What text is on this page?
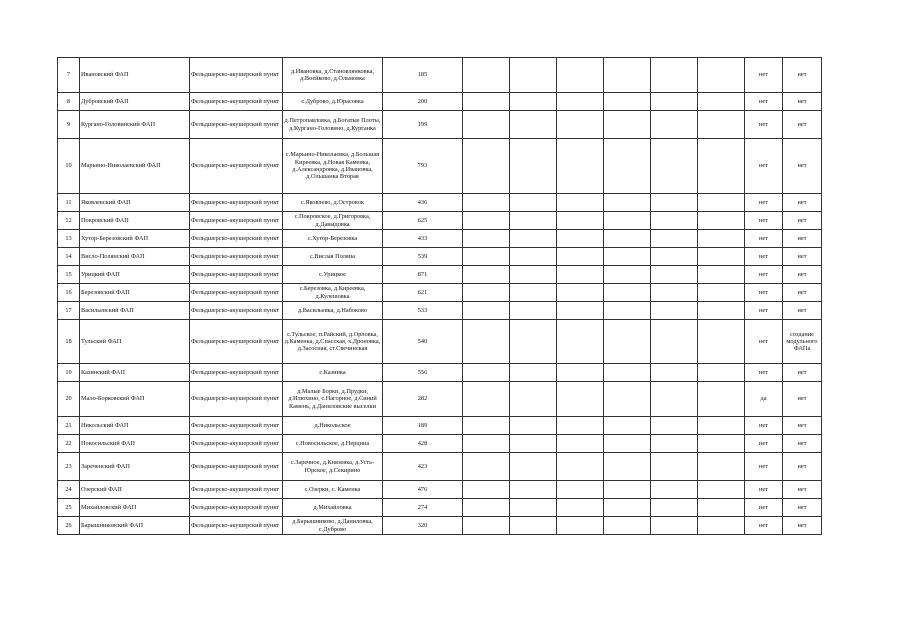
7	Ивановский ФАП	Фельдшерско-акушерский пункт	д.Ивановка, д.Становлянковка, д.Воейково, д.Ольмовка	185							нет	нет
8	Дубровский ФАП	Фельдшерско-акушерский пункт	с.Дуброво, д.Юрасовка	200							нет	нет
9	Кургано-Головинский ФАП	Фельдшерско-акушерский пункт	д.Петропавловка, д.Богатые Плоты, д.Кургано-Головино, д.Курганка	199							нет	нет
10	Марьино-Николаевский ФАП	Фельдшерско-акушерский пункт	с.Марьино-Николаевка, д.Большая Киреевка, д.Новая Каменка, д.Александровка, д.Ивановка, д.Ольшанка Вторая	793							нет	нет
11	Яковлевский ФАП	Фельдшерско-акушерский пункт	с.Яковлево, д.Островок	436							нет	нет
12	Покровский ФАП	Фельдшерско-акушерский пункт	с.Покровское, д.Григоровка, д.Давыдовка	625							нет	нет
13	Хутор-Березовский ФАП	Фельдшерско-акушерский пункт	с.Хутор-Березовка	433							нет	нет
14	Висло-Полянский ФАП	Фельдшерско-акушерский пункт	с.Вислая Поляна	539							нет	нет
15	Урицкий ФАП	Фельдшерско-акушерский пункт	с.Урицкое	871							нет	нет
16	Березовский ФАП	Фельдшерско-акушерский пункт	с.Березовка, д.Киреевка, д.Кулешовка	621							нет	нет
17	Васильевский ФАП	Фельдшерско-акушерский пункт	д.Васильевка, д.Набоково	533							нет	нет
18	Тульский ФАП	Фельдшерско-акушерский пункт	с.Тульское, п.Райский, д.Орловка, д.Каменка, д.Спасская, х.Дроновка, д.Засосная, ст.Свечинская	540							нет	создание модульного ФАПа
19	Казинский ФАП	Фельдшерско-акушерский пункт	с.Казинка	556							нет	нет
20	Мало-Борковский ФАП	Фельдшерско-акушерский пункт	д.Малые Борки, д.Прудки, д.Илюхино, с.Нагорное, д.Синий Камень, д.Даниловские выселки	282							да	нет
21	Никольский ФАП	Фельдшерско-акушерский пункт	д.Никольское	189							нет	нет
22	Новосильский ФАП	Фельдшерско-акушерский пункт	с.Новосильское, д.Нерцина	428							нет	нет
23	Зареченский ФАП	Фельдшерско-акушерский пункт	с.Заречное, д.Князевка, д.Усть-Юрское, д.Секирино	423							нет	нет
24	Озерский ФАП	Фельдшерско-акушерский пункт	с.Озерки, с. Каменка	476							нет	нет
25	Михайловский ФАП	Фельдшерско-акушерский пункт	д.Михайловка	274							нет	нет
26	Барышниковский ФАП	Фельдшерско-акушерский пункт	д.Барышниково, д.Даниловка, с.Дуброво	320							нет	нет
